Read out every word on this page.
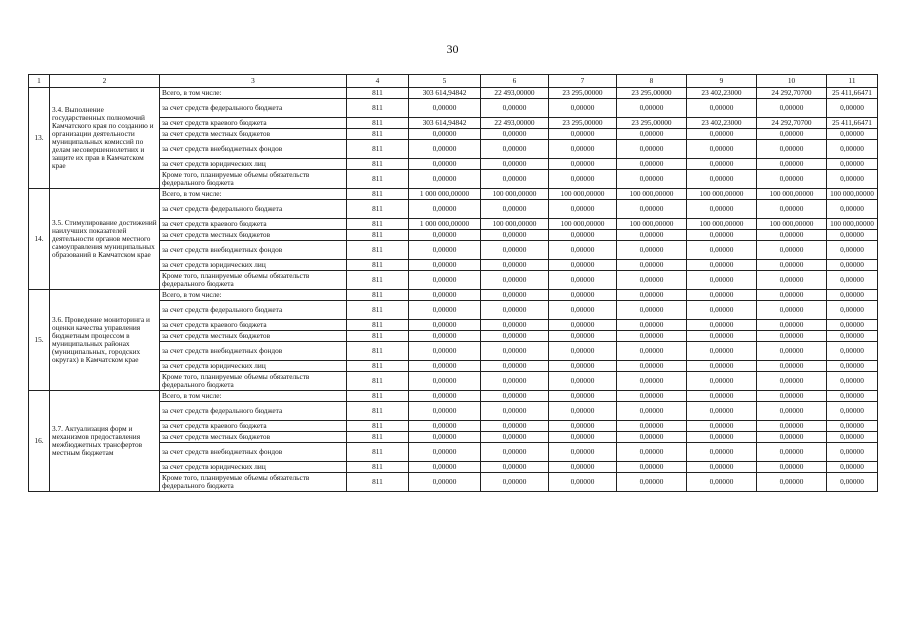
30
1	2	3	4	5	6	7	8	9	10	11
13.	3.4. Выполнение государственных полномочий Камчатского края по созданию и организации деятельности муниципальных комиссий по делам несовершеннолетних и защите их прав в Камчатском крае	Всего, в том числе:	811	303 614,94842	22 493,00000	23 295,00000	23 295,00000	23 402,23000	24 292,70700	25 411,66471
		за счет средств федерального бюджета	811	0,00000	0,00000	0,00000	0,00000	0,00000	0,00000	0,00000
		за счет средств краевого бюджета	811	303 614,94842	22 493,00000	23 295,00000	23 295,00000	23 402,23000	24 292,70700	25 411,66471
		за счет средств местных бюджетов	811	0,00000	0,00000	0,00000	0,00000	0,00000	0,00000	0,00000
		за счет средств внебюджетных фондов	811	0,00000	0,00000	0,00000	0,00000	0,00000	0,00000	0,00000
		за счет средств юридических лиц	811	0,00000	0,00000	0,00000	0,00000	0,00000	0,00000	0,00000
		Кроме того, планируемые объемы обязательств федерального бюджета	811	0,00000	0,00000	0,00000	0,00000	0,00000	0,00000	0,00000
14.	3.5. Стимулирование достижений наилучших показателей деятельности органов местного самоуправления муниципальных образований в Камчатском крае	Всего, в том числе:	811	1 000 000,00000	100 000,00000	100 000,00000	100 000,00000	100 000,00000	100 000,00000	100 000,00000
		за счет средств федерального бюджета	811	0,00000	0,00000	0,00000	0,00000	0,00000	0,00000	0,00000
		за счет средств краевого бюджета	811	1 000 000,00000	100 000,00000	100 000,00000	100 000,00000	100 000,00000	100 000,00000	100 000,00000
		за счет средств местных бюджетов	811	0,00000	0,00000	0,00000	0,00000	0,00000	0,00000	0,00000
		за счет средств внебюджетных фондов	811	0,00000	0,00000	0,00000	0,00000	0,00000	0,00000	0,00000
		за счет средств юридических лиц	811	0,00000	0,00000	0,00000	0,00000	0,00000	0,00000	0,00000
		Кроме того, планируемые объемы обязательств федерального бюджета	811	0,00000	0,00000	0,00000	0,00000	0,00000	0,00000	0,00000
15.	3.6. Проведение мониторинга и оценки качества управления бюджетным процессом в муниципальных районах (муниципальных, городских округах) в Камчатском крае	Всего, в том числе:	811	0,00000	0,00000	0,00000	0,00000	0,00000	0,00000	0,00000
		за счет средств федерального бюджета	811	0,00000	0,00000	0,00000	0,00000	0,00000	0,00000	0,00000
		за счет средств краевого бюджета	811	0,00000	0,00000	0,00000	0,00000	0,00000	0,00000	0,00000
		за счет средств местных бюджетов	811	0,00000	0,00000	0,00000	0,00000	0,00000	0,00000	0,00000
		за счет средств внебюджетных фондов	811	0,00000	0,00000	0,00000	0,00000	0,00000	0,00000	0,00000
		за счет средств юридических лиц	811	0,00000	0,00000	0,00000	0,00000	0,00000	0,00000	0,00000
		Кроме того, планируемые объемы обязательств федерального бюджета	811	0,00000	0,00000	0,00000	0,00000	0,00000	0,00000	0,00000
16.	3.7. Актуализация форм и механизмов предоставления межбюджетных трансфертов местным бюджетам	Всего, в том числе:	811	0,00000	0,00000	0,00000	0,00000	0,00000	0,00000	0,00000
		за счет средств федерального бюджета	811	0,00000	0,00000	0,00000	0,00000	0,00000	0,00000	0,00000
		за счет средств краевого бюджета	811	0,00000	0,00000	0,00000	0,00000	0,00000	0,00000	0,00000
		за счет средств местных бюджетов	811	0,00000	0,00000	0,00000	0,00000	0,00000	0,00000	0,00000
		за счет средств внебюджетных фондов	811	0,00000	0,00000	0,00000	0,00000	0,00000	0,00000	0,00000
		за счет средств юридических лиц	811	0,00000	0,00000	0,00000	0,00000	0,00000	0,00000	0,00000
		Кроме того, планируемые объемы обязательств федерального бюджета	811	0,00000	0,00000	0,00000	0,00000	0,00000	0,00000	0,00000
